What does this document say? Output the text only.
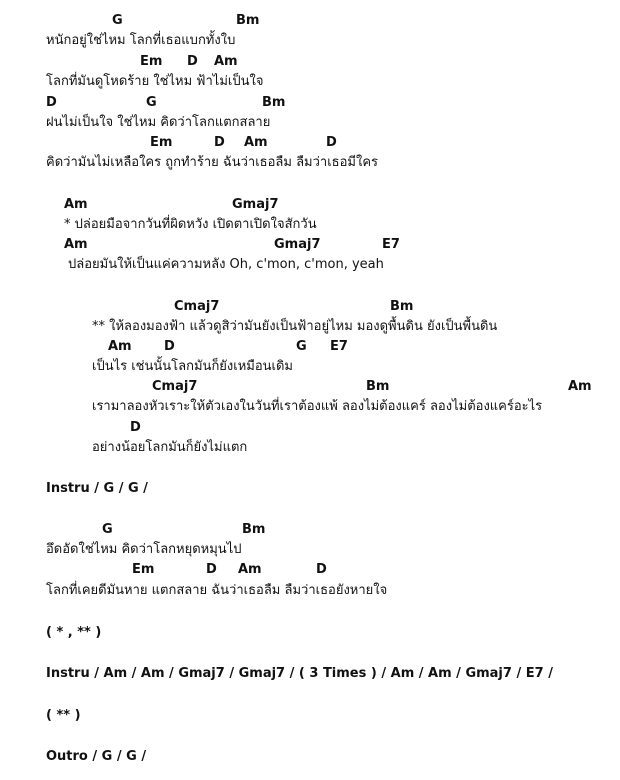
G	Bm
หนักอยู่ใช่ไหม โลกที่เธอแบกทั้งใบ
Em D Am
โลกที่มันดูโหดร้าย ใช่ไหม ฟ้าไม่เป็นใจ
D	G	Bm
ฝนไม่เป็นใจ ใช่ไหม คิดว่าโลกแตกสลาย
Em	D Am	D
คิดว่ามันไม่เหลือใคร ถูกทำร้าย ฉันว่าเธอลืม ลืมว่าเธอมีใคร
Am	Gmaj7
* ปล่อยมือจากวันที่ผิดหวัง เปิดตาเปิดใจสักวัน
Am	Gmaj7	E7
ปล่อยมันให้เป็นแค่ความหลัง Oh, c'mon, c'mon, yeah
Cmaj7	Bm
** ให้ลองมองฟ้า แล้วดูสิว่ามันยังเป็นฟ้าอยู่ไหม มองดูพื้นดิน ยังเป็นพื้นดิน
Am D	G E7
เป็นไร เช่นนั้นโลกมันก็ยังเหมือนเดิม
Cmaj7	Bm	Am
เรามาลองหัวเราะให้ตัวเองในวันที่เราต้องแพ้ ลองไม่ต้องแคร์ ลองไม่ต้องแคร์อะไร
D
อย่างน้อยโลกมันก็ยังไม่แตก
Instru / G / G /
G	Bm
อึดอัดใช่ไหม คิดว่าโลกหยุดหมุนไป
Em	D Am	D
โลกที่เคยดีมันหาย แตกสลาย ฉันว่าเธอลืม ลืมว่าเธอยังหายใจ
( * , ** )
Instru / Am / Am / Gmaj7 / Gmaj7 / ( 3 Times ) / Am / Am / Gmaj7 / E7 /
( ** )
Outro / G / G /
